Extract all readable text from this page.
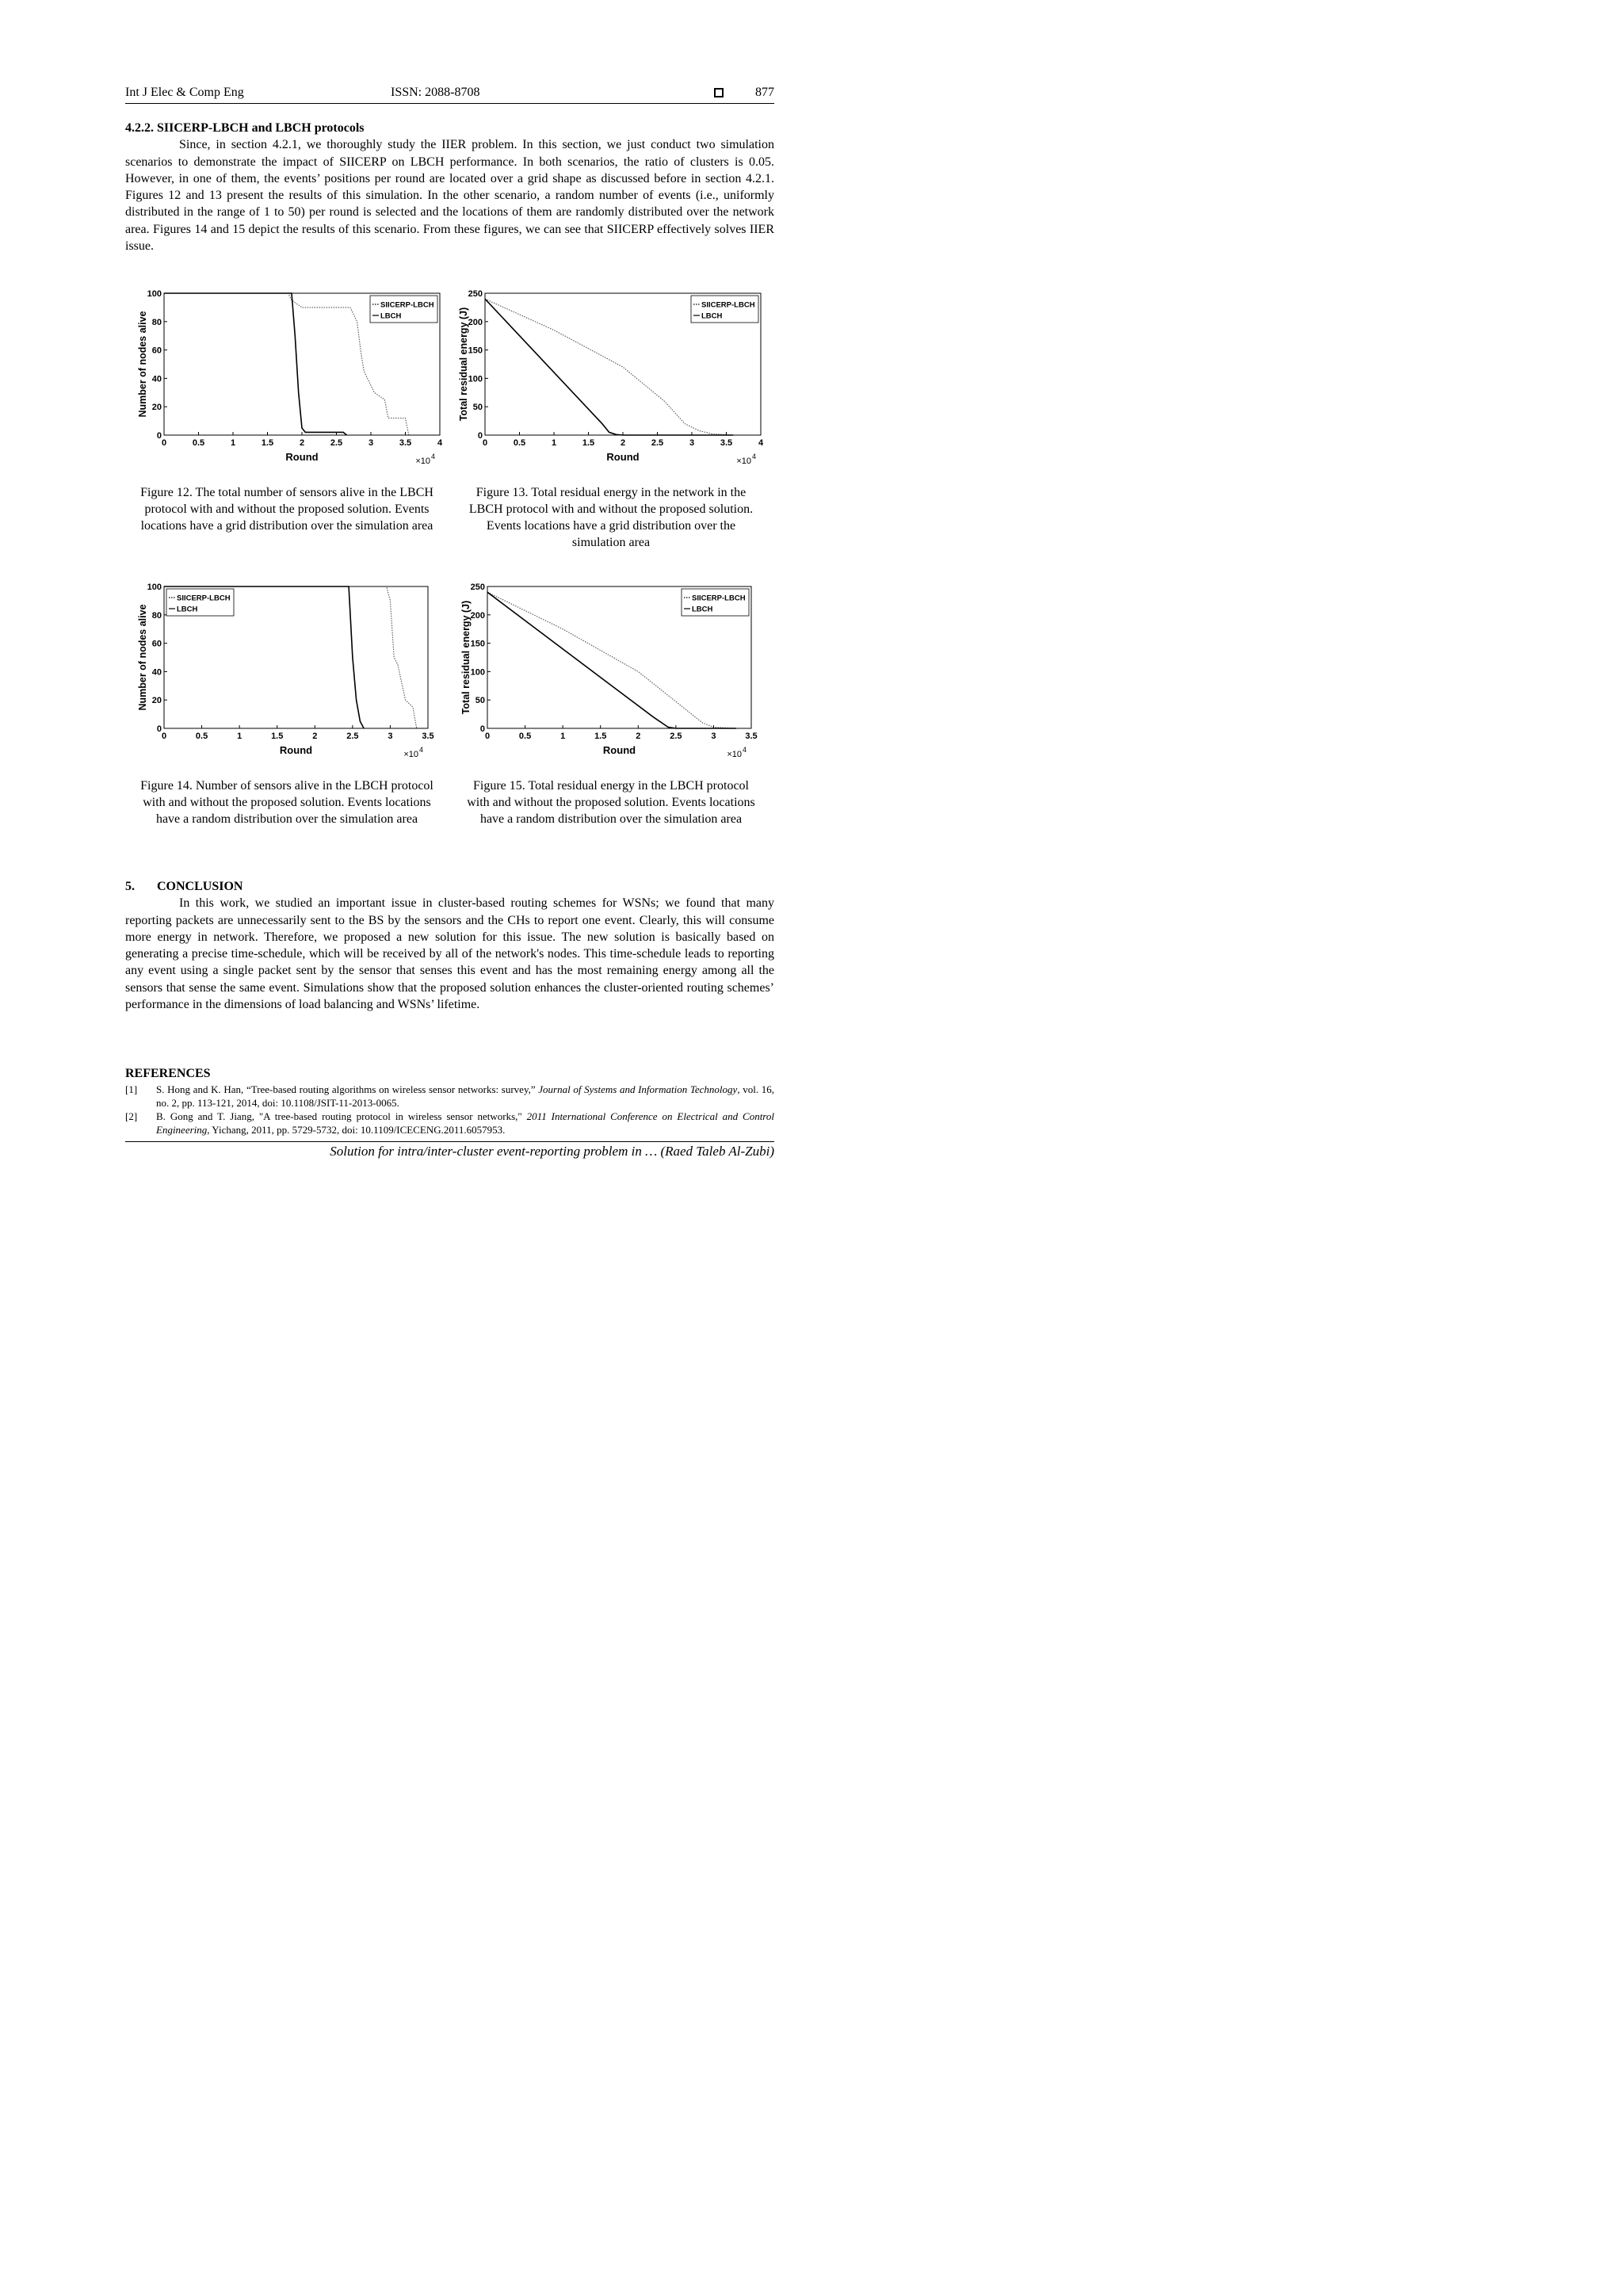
Int J Elec & Comp Eng	ISSN: 2088-8708	877
4.2.2. SIICERP-LBCH and LBCH protocols

Since, in section 4.2.1, we thoroughly study the IIER problem. In this section, we just conduct two simulation scenarios to demonstrate the impact of SIICERP on LBCH performance. In both scenarios, the ratio of clusters is 0.05. However, in one of them, the events’ positions per round are located over a grid shape as discussed before in section 4.2.1. Figures 12 and 13 present the results of this simulation. In the other scenario, a random number of events (i.e., uniformly distributed in the range of 1 to 50) per round is selected and the locations of them are randomly distributed over the network area. Figures 14 and 15 depict the results of this scenario. From these figures, we can see that SIICERP effectively solves IIER issue.

0	0.5	1	1.5	2	2.5	3	3.5	4
0
20
40
60
80
100
Round
Number of nodes alive
×10 4
SIICERP-LBCH
LBCH
0	0.5	1	1.5	2	2.5	3	3.5	4
0
50
100
150
200
250
Round
Total residual energy (J)
×10 4
SIICERP-LBCH
LBCH
0	0.5	1	1.5	2	2.5	3	3.5
0
20
40
60
80
100
Round
Number of nodes alive
×10 4
SIICERP-LBCH
LBCH
0	0.5	1	1.5	2	2.5	3	3.5
0
50
100
150
200
250
Round
Total residual energy (J)
×10 4
SIICERP-LBCH
LBCH
Figure 12. The total number of sensors alive in the LBCH protocol with and without the proposed solution. Events locations have a grid distribution over the simulation area
Figure 13. Total residual energy in the network in the LBCH protocol with and without the proposed solution. Events locations have a grid distribution over the simulation area
Figure 14. Number of sensors alive in the LBCH protocol with and without the proposed solution. Events locations have a random distribution over the simulation area
Figure 15. Total residual energy in the LBCH protocol with and without the proposed solution. Events locations have a random distribution over the simulation area
5. CONCLUSION

In this work, we studied an important issue in cluster-based routing schemes for WSNs; we found that many reporting packets are unnecessarily sent to the BS by the sensors and the CHs to report one event. Clearly, this will consume more energy in network. Therefore, we proposed a new solution for this issue. The new solution is basically based on generating a precise time-schedule, which will be received by all of the network's nodes. This time-schedule leads to reporting any event using a single packet sent by the sensor that senses this event and has the most remaining energy among all the sensors that sense the same event. Simulations show that the proposed solution enhances the cluster-oriented routing schemes’ performance in the dimensions of load balancing and WSNs’ lifetime.

REFERENCES
[1] S. Hong and K. Han, “Tree-based routing algorithms on wireless sensor networks: survey,” Journal of Systems and Information Technology, vol. 16, no. 2, pp. 113-121, 2014, doi: 10.1108/JSIT-11-2013-0065.
[2] B. Gong and T. Jiang, "A tree-based routing protocol in wireless sensor networks," 2011 International Conference on Electrical and Control Engineering, Yichang, 2011, pp. 5729-5732, doi: 10.1109/ICECENG.2011.6057953.
Solution for intra/inter-cluster event-reporting problem in … (Raed Taleb Al-Zubi)
